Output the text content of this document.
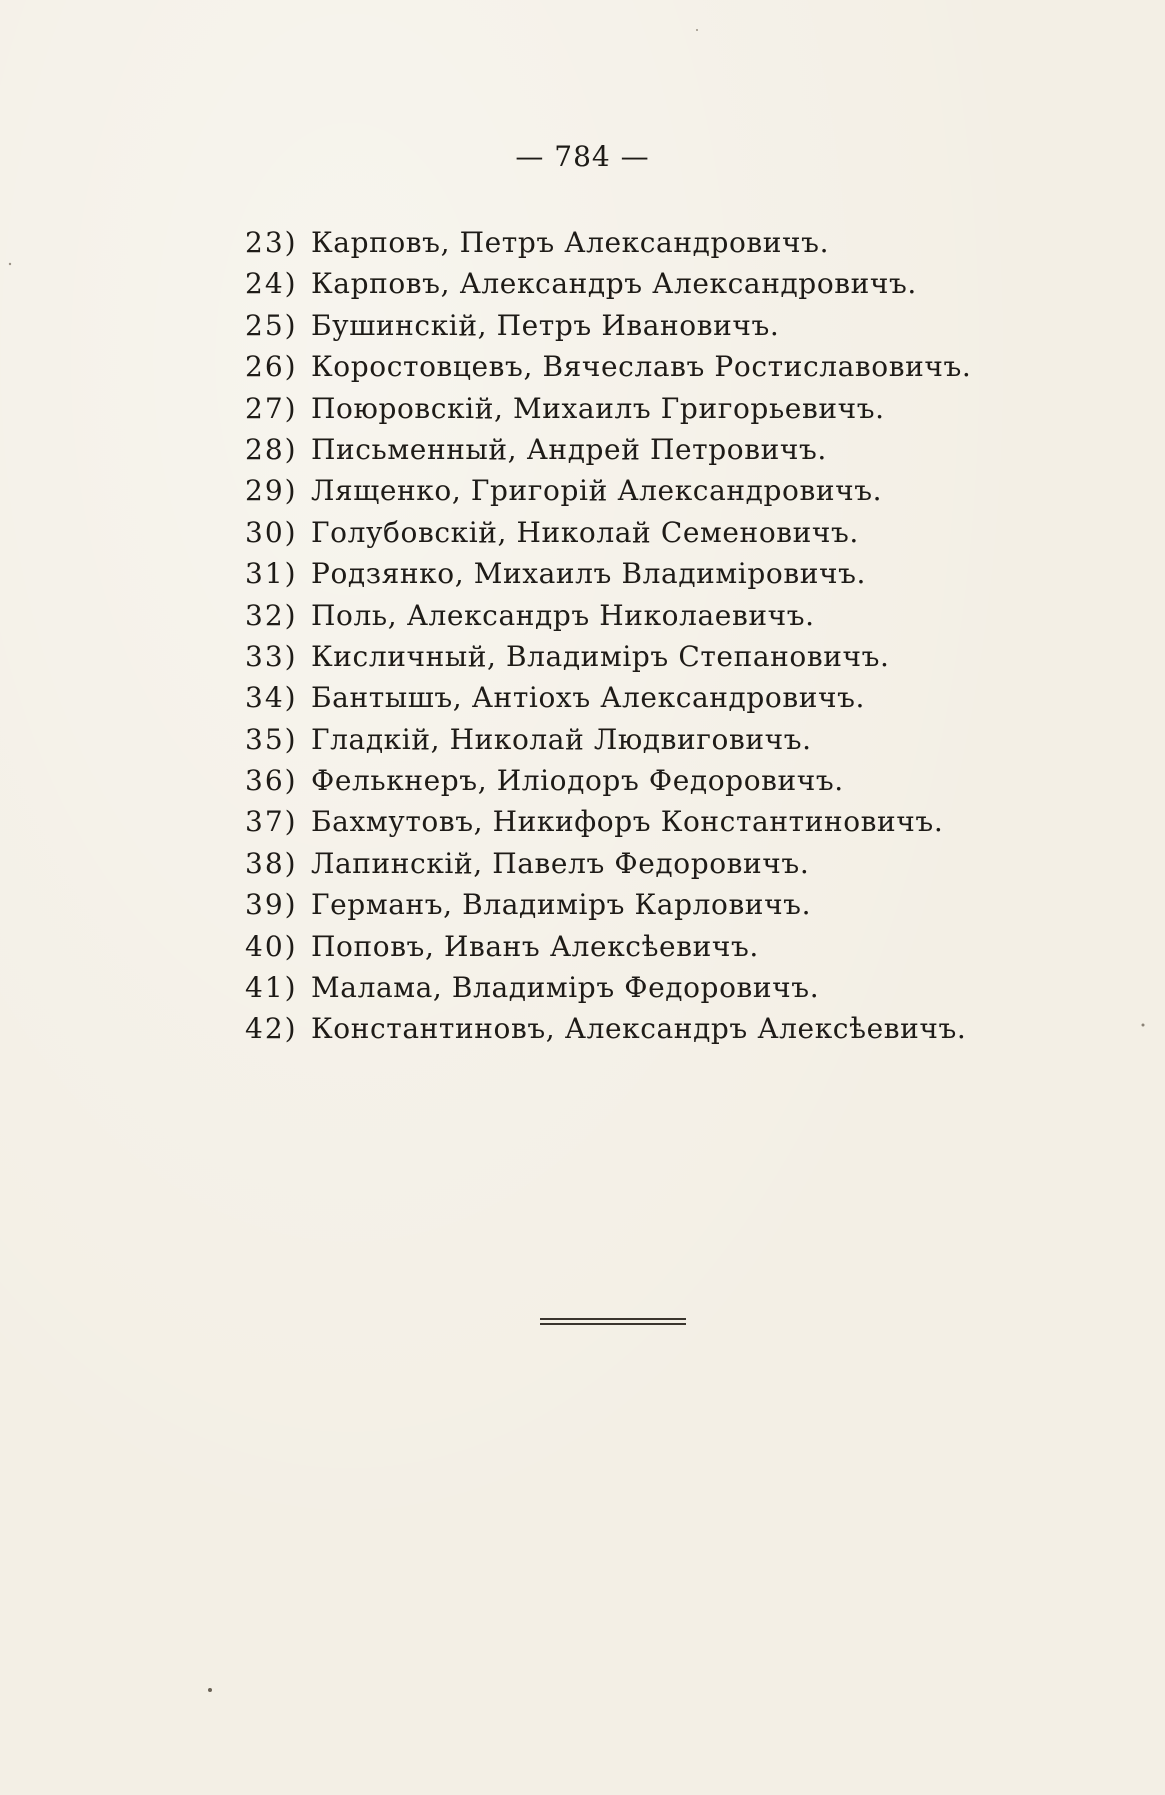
— 784 —
23) Карповъ, Петръ Александровичъ.
24) Карповъ, Александръ Александровичъ.
25) Бушинскій, Петръ Ивановичъ.
26) Коростовцевъ, Вячеславъ Ростиславовичъ.
27) Поюровскій, Михаилъ Григорьевичъ.
28) Письменный, Андрей Петровичъ.
29) Лященко, Григорій Александровичъ.
30) Голубовскій, Николай Семеновичъ.
31) Родзянко, Михаилъ Владиміровичъ.
32) Поль, Александръ Николаевичъ.
33) Кисличный, Владиміръ Степановичъ.
34) Бантышъ, Антіохъ Александровичъ.
35) Гладкій, Николай Людвиговичъ.
36) Фелькнеръ, Иліодоръ Федоровичъ.
37) Бахмутовъ, Никифоръ Константиновичъ.
38) Лапинскій, Павелъ Федоровичъ.
39) Германъ, Владиміръ Карловичъ.
40) Поповъ, Иванъ Алексѣевичъ.
41) Малама, Владиміръ Федоровичъ.
42) Константиновъ, Александръ Алексѣевичъ.
